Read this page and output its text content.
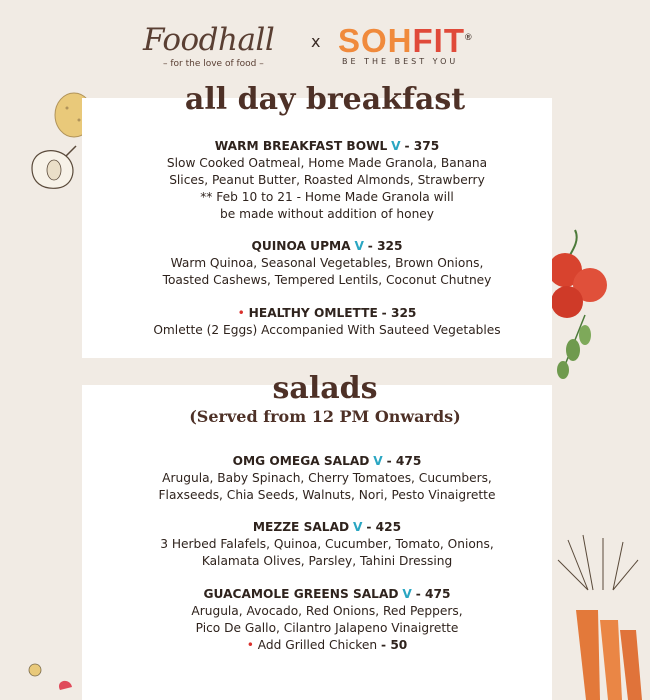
Foodhall
– for the love of food –
x SOHFIT®
BE THE BEST YOU
all day breakfast
WARM BREAKFAST BOWL V - 375
Slow Cooked Oatmeal, Home Made Granola, Banana
Slices, Peanut Butter, Roasted Almonds, Strawberry
** Feb 10 to 21 - Home Made Granola will
be made without addition of honey
QUINOA UPMA V - 325
Warm Quinoa, Seasonal Vegetables, Brown Onions,
Toasted Cashews, Tempered Lentils, Coconut Chutney
• HEALTHY OMLETTE - 325
Omlette (2 Eggs) Accompanied With Sauteed Vegetables
salads
(Served from 12 PM Onwards)
OMG OMEGA SALAD V - 475
Arugula, Baby Spinach, Cherry Tomatoes, Cucumbers,
Flaxseeds, Chia Seeds, Walnuts, Nori, Pesto Vinaigrette
MEZZE SALAD V - 425
3 Herbed Falafels, Quinoa, Cucumber, Tomato, Onions,
Kalamata Olives, Parsley, Tahini Dressing
GUACAMOLE GREENS SALAD V - 475
Arugula, Avocado, Red Onions, Red Peppers,
Pico De Gallo, Cilantro Jalapeno Vinaigrette
• Add Grilled Chicken - 50
